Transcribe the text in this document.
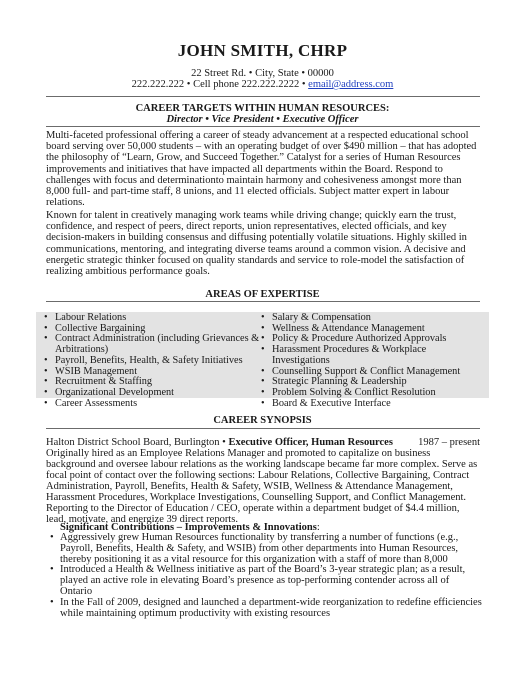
JOHN SMITH, CHRP
22 Street Rd. • City, State • 00000
222.222.222 • Cell phone 222.222.2222 • email@address.com
CAREER TARGETS WITHIN HUMAN RESOURCES:
Director • Vice President • Executive Officer

Multi-faceted professional offering a career of steady advancement at a respected educational school board serving over 50,000 students – with an operating budget of over $490 million – that has adopted the philosophy of “Learn, Grow, and Succeed Together.” Catalyst for a series of Human Resources improvements and initiatives that have impacted all departments within the Board. Respond to challenges with focus and determinationto maintain harmony and cohesiveness amongst more than 8,000 full- and part-time staff, 8 unions, and 11 elected officials. Subject matter expert in labour relations.

Known for talent in creatively managing work teams while driving change; quickly earn the trust, confidence, and respect of peers, direct reports, union representatives, elected officials, and key decision-makers in building consensus and diffusing potentially volatile situations. Highly skilled in communications, mentoring, and integrating diverse teams around a common vision. A decisive and energetic strategic thinker focused on quality standards and service to role-model the satisfaction of realizing ambitious performance goals.

AREAS OF EXPERTISE
• Labour Relations
• Collective Bargaining
• Contract Administration (including Grievances & Arbitrations)
• Payroll, Benefits, Health, & Safety Initiatives
• WSIB Management
• Recruitment & Staffing
• Organizational Development
• Career Assessments
• Salary & Compensation
• Wellness & Attendance Management
• Policy & Procedure Authorized Approvals
• Harassment Procedures & Workplace Investigations
• Counselling Support & Conflict Management
• Strategic Planning & Leadership
• Problem Solving & Conflict Resolution
• Board & Executive Interface
CAREER SYNOPSIS
Halton District School Board, Burlington • Executive Officer, Human Resources 1987 – present
Originally hired as an Employee Relations Manager and promoted to capitalize on business background and oversee labour relations as the working landscape became far more complex. Serve as focal point of contact over the following sections: Labour Relations, Collective Bargaining, Contract Administration, Payroll, Benefits, Health & Safety, WSIB, Wellness & Attendance Management, Harassment Procedures, Workplace Investigations, Counselling Support, and Conflict Management. Reporting to the Director of Education / CEO, operate within a department budget of $4.4 million, lead, motivate, and energize 39 direct reports.
Significant Contributions – Improvements & Innovations:
• Aggressively grew Human Resources functionality by transferring a number of functions (e.g., Payroll, Benefits, Health & Safety, and WSIB) from other departments into Human Resources, thereby positioning it as a vital resource for this organization with a staff of more than 8,000
• Introduced a Health & Wellness initiative as part of the Board’s 3-year strategic plan; as a result, played an active role in elevating Board’s presence as top-performing contender across all of Ontario
• In the Fall of 2009, designed and launched a department-wide reorganization to redefine efficiencies while maintaining optimum productivity with existing resources
